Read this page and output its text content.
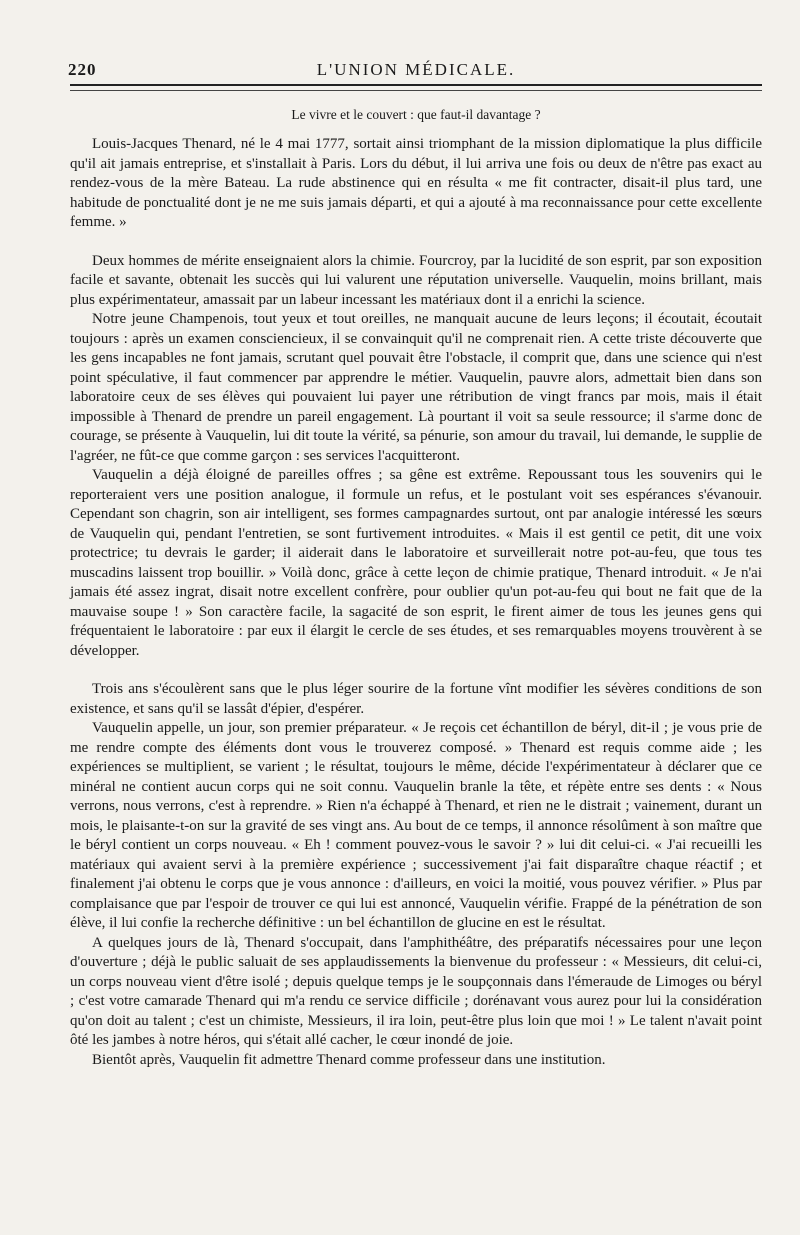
220	L'UNION MÉDICALE.
Le vivre et le couvert : que faut-il davantage ?

Louis-Jacques Thenard, né le 4 mai 1777, sortait ainsi triomphant de la mission diplomatique la plus difficile qu'il ait jamais entreprise, et s'installait à Paris. Lors du début, il lui arriva une fois ou deux de n'être pas exact au rendez-vous de la mère Bateau. La rude abstinence qui en résulta « me fit contracter, disait-il plus tard, une habitude de ponctualité dont je ne me suis jamais départi, et qui a ajouté à ma reconnaissance pour cette excellente femme. »

Deux hommes de mérite enseignaient alors la chimie. Fourcroy, par la lucidité de son esprit, par son exposition facile et savante, obtenait les succès qui lui valurent une réputation universelle. Vauquelin, moins brillant, mais plus expérimentateur, amassait par un labeur incessant les matériaux dont il a enrichi la science.

Notre jeune Champenois, tout yeux et tout oreilles, ne manquait aucune de leurs leçons; il écoutait, écoutait toujours : après un examen consciencieux, il se convainquit qu'il ne comprenait rien. A cette triste découverte que les gens incapables ne font jamais, scrutant quel pouvait être l'obstacle, il comprit que, dans une science qui n'est point spéculative, il faut commencer par apprendre le métier. Vauquelin, pauvre alors, admettait bien dans son laboratoire ceux de ses élèves qui pouvaient lui payer une rétribution de vingt francs par mois, mais il était impossible à Thenard de prendre un pareil engagement. Là pourtant il voit sa seule ressource; il s'arme donc de courage, se présente à Vauquelin, lui dit toute la vérité, sa pénurie, son amour du travail, lui demande, le supplie de l'agréer, ne fût-ce que comme garçon : ses services l'acquitteront.

Vauquelin a déjà éloigné de pareilles offres ; sa gêne est extrême. Repoussant tous les souvenirs qui le reporteraient vers une position analogue, il formule un refus, et le postulant voit ses espérances s'évanouir. Cependant son chagrin, son air intelligent, ses formes campagnardes surtout, ont par analogie intéressé les sœurs de Vauquelin qui, pendant l'entretien, se sont furtivement introduites. « Mais il est gentil ce petit, dit une voix protectrice; tu devrais le garder; il aiderait dans le laboratoire et surveillerait notre pot-au-feu, que tous tes muscadins laissent trop bouillir. » Voilà donc, grâce à cette leçon de chimie pratique, Thenard introduit. « Je n'ai jamais été assez ingrat, disait notre excellent confrère, pour oublier qu'un pot-au-feu qui bout ne fait que de la mauvaise soupe ! » Son caractère facile, la sagacité de son esprit, le firent aimer de tous les jeunes gens qui fréquentaient le laboratoire : par eux il élargit le cercle de ses études, et ses remarquables moyens trouvèrent à se développer.

Trois ans s'écoulèrent sans que le plus léger sourire de la fortune vînt modifier les sévères conditions de son existence, et sans qu'il se lassât d'épier, d'espérer.

Vauquelin appelle, un jour, son premier préparateur. « Je reçois cet échantillon de béryl, dit-il ; je vous prie de me rendre compte des éléments dont vous le trouverez composé. » Thenard est requis comme aide ; les expériences se multiplient, se varient ; le résultat, toujours le même, décide l'expérimentateur à déclarer que ce minéral ne contient aucun corps qui ne soit connu. Vauquelin branle la tête, et répète entre ses dents : « Nous verrons, nous verrons, c'est à reprendre. » Rien n'a échappé à Thenard, et rien ne le distrait ; vainement, durant un mois, le plaisante-t-on sur la gravité de ses vingt ans. Au bout de ce temps, il annonce résolûment à son maître que le béryl contient un corps nouveau. « Eh ! comment pouvez-vous le savoir ? » lui dit celui-ci. « J'ai recueilli les matériaux qui avaient servi à la première expérience ; successivement j'ai fait disparaître chaque réactif ; et finalement j'ai obtenu le corps que je vous annonce : d'ailleurs, en voici la moitié, vous pouvez vérifier. » Plus par complaisance que par l'espoir de trouver ce qui lui est annoncé, Vauquelin vérifie. Frappé de la pénétration de son élève, il lui confie la recherche définitive : un bel échantillon de glucine en est le résultat.

A quelques jours de là, Thenard s'occupait, dans l'amphithéâtre, des préparatifs nécessaires pour une leçon d'ouverture ; déjà le public saluait de ses applaudissements la bienvenue du professeur : « Messieurs, dit celui-ci, un corps nouveau vient d'être isolé ; depuis quelque temps je le soupçonnais dans l'émeraude de Limoges ou béryl ; c'est votre camarade Thenard qui m'a rendu ce service difficile ; dorénavant vous aurez pour lui la considération qu'on doit au talent ; c'est un chimiste, Messieurs, il ira loin, peut-être plus loin que moi ! » Le talent n'avait point ôté les jambes à notre héros, qui s'était allé cacher, le cœur inondé de joie.

Bientôt après, Vauquelin fit admettre Thenard comme professeur dans une institution.
